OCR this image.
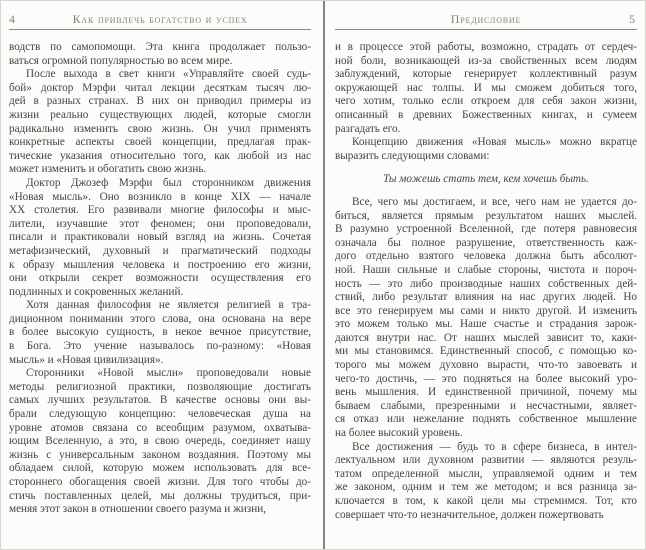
4	Как привлечь богатство и успех
водств по самопомощи. Эта книга продолжает пользо-
ваться огромной популярностью во всем мире.
После выхода в свет книги «Управляйте своей судь-
бой» доктор Мэрфи читал лекции десяткам тысяч лю-
дей в разных странах. В них он приводил примеры из
жизни реально существующих людей, которые смогли
радикально изменить свою жизнь. Он учил применять
конкретные аспекты своей концепции, предлагая прак-
тические указания относительно того, как любой из нас
может изменить и обогатить свою жизнь.
Доктор Джозеф Мэрфи был сторонником движения
«Новая мысль». Оно возникло в конце XIX — начале
XX столетия. Его развивали многие философы и мыс-
лители, изучавшие этот феномен; они проповедовали,
писали и практиковали новый взгляд на жизнь. Сочетая
метафизический, духовный и прагматический подходы
к образу мышления человека и построению его жизни,
они открыли секрет возможности осуществления его
подлинных и сокровенных желаний.
Хотя данная философия не является религией в тра-
диционном понимании этого слова, она основана на вере
в более высокую сущность, в некое вечное присутствие,
в Бога. Это учение называлось по-разному: «Новая
мысль» и «Новая цивилизация».
Сторонники «Новой мысли» проповедовали новые
методы религиозной практики, позволяющие достигать
самых лучших результатов. В качестве основы они вы-
брали следующую концепцию: человеческая душа на
уровне атомов связана со всеобщим разумом, охватыва-
ющим Вселенную, а это, в свою очередь, соединяет нашу
жизнь с универсальным законом воздаяния. Поэтому мы
обладаем силой, которую можем использовать для все-
стороннего обогащения своей жизни. Для того чтобы до-
стичь поставленных целей, мы должны трудиться, при-
меняя этот закон в отношении своего разума и жизни,
Предисловие	5
и в процессе этой работы, возможно, страдать от сердеч-
ной боли, возникающей из-за свойственных всем людям
заблуждений, которые генерирует коллективный разум
окружающей нас толпы. И мы сможем добиться того,
чего хотим, только если откроем для себя закон жизни,
описанный в древних Божественных книгах, и сумеем
разгадать его.
Концепцию движения «Новая мысль» можно вкратце
выразить следующими словами:
Ты можешь стать тем, кем хочешь быть.
Все, чего мы достигаем, и все, чего нам не удается до-
биться, является прямым результатом наших мыслей.
В разумно устроенной Вселенной, где потеря равновесия
означала бы полное разрушение, ответственность каж-
дого отдельно взятого человека должна быть абсолют-
ной. Наши сильные и слабые стороны, чистота и пороч-
ность — это либо производные наших собственных дей-
ствий, либо результат влияния на нас других людей. Но
все это генерируем мы сами и никто другой. И изменить
это можем только мы. Наше счастье и страдания зарож-
даются внутри нас. От наших мыслей зависит то, каки-
ми мы становимся. Единственный способ, с помощью ко-
торого мы можем духовно вырасти, что-то завоевать и
чего-то достичь, — это подняться на более высокий уро-
вень мышления. И единственной причиной, почему мы
бываем слабыми, презренными и несчастными, являет-
ся отказ или нежелание поднять собственное мышление
на более высокий уровень.
Все достижения — будь то в сфере бизнеса, в интел-
лектуальном или духовном развитии — являются резуль-
татом определенной мысли, управляемой одним и тем
же законом, одним и тем же методом; и вся разница за-
ключается в том, к какой цели мы стремимся. Тот, кто
совершает что-то незначительное, должен пожертвовать
